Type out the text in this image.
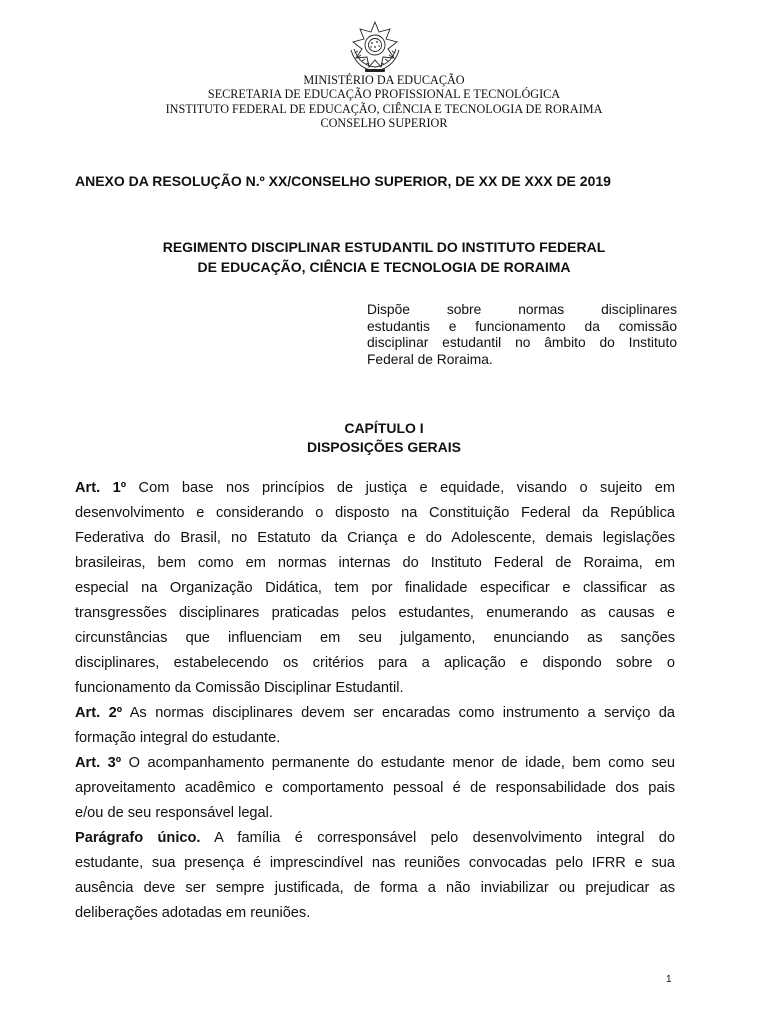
MINISTÉRIO DA EDUCAÇÃO
SECRETARIA DE EDUCAÇÃO PROFISSIONAL E TECNOLÓGICA
INSTITUTO FEDERAL DE EDUCAÇÃO, CIÊNCIA E TECNOLOGIA DE RORAIMA
CONSELHO SUPERIOR
ANEXO DA RESOLUÇÃO N.º XX/CONSELHO SUPERIOR, DE XX DE XXX DE 2019
REGIMENTO DISCIPLINAR ESTUDANTIL DO INSTITUTO FEDERAL
DE EDUCAÇÃO, CIÊNCIA E TECNOLOGIA DE RORAIMA
Dispõe sobre normas disciplinares
estudantis e funcionamento da comissão
disciplinar estudantil no âmbito do Instituto
Federal de Roraima.
CAPÍTULO I
DISPOSIÇÕES GERAIS
Art. 1º Com base nos princípios de justiça e equidade, visando o sujeito em
desenvolvimento e considerando o disposto na Constituição Federal da República
Federativa do Brasil, no Estatuto da Criança e do Adolescente, demais legislações
brasileiras, bem como em normas internas do Instituto Federal de Roraima, em
especial na Organização Didática, tem por finalidade especificar e classificar as
transgressões disciplinares praticadas pelos estudantes, enumerando as causas e
circunstâncias que influenciam em seu julgamento, enunciando as sanções
disciplinares, estabelecendo os critérios para a aplicação e dispondo sobre o
funcionamento da Comissão Disciplinar Estudantil.
Art. 2º As normas disciplinares devem ser encaradas como instrumento a serviço da
formação integral do estudante.
Art. 3º O acompanhamento permanente do estudante menor de idade, bem como seu
aproveitamento acadêmico e comportamento pessoal é de responsabilidade dos pais
e/ou de seu responsável legal.
Parágrafo único. A família é corresponsável pelo desenvolvimento integral do
estudante, sua presença é imprescindível nas reuniões convocadas pelo IFRR e sua
ausência deve ser sempre justificada, de forma a não inviabilizar ou prejudicar as
deliberações adotadas em reuniões.
1
